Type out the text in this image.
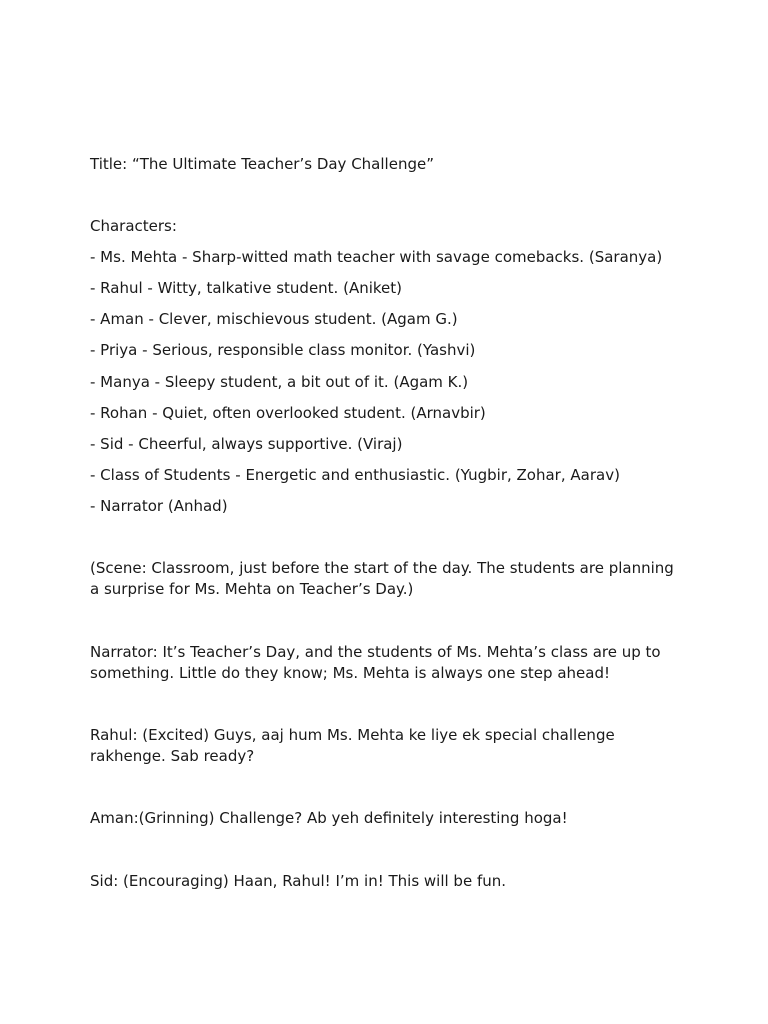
Title: “The Ultimate Teacher’s Day Challenge”
Characters:
- Ms. Mehta - Sharp-witted math teacher with savage comebacks. (Saranya)
- Rahul - Witty, talkative student. (Aniket)
- Aman - Clever, mischievous student. (Agam G.)
- Priya - Serious, responsible class monitor. (Yashvi)
- Manya - Sleepy student, a bit out of it. (Agam K.)
- Rohan - Quiet, often overlooked student. (Arnavbir)
- Sid - Cheerful, always supportive. (Viraj)
- Class of Students - Energetic and enthusiastic. (Yugbir, Zohar, Aarav)
- Narrator (Anhad)
(Scene: Classroom, just before the start of the day. The students are planning
a surprise for Ms. Mehta on Teacher’s Day.)
Narrator: It’s Teacher’s Day, and the students of Ms. Mehta’s class are up to
something. Little do they know; Ms. Mehta is always one step ahead!
Rahul: (Excited) Guys, aaj hum Ms. Mehta ke liye ek special challenge
rakhenge. Sab ready?
Aman:(Grinning) Challenge? Ab yeh definitely interesting hoga!
Sid: (Encouraging) Haan, Rahul! I’m in! This will be fun.
